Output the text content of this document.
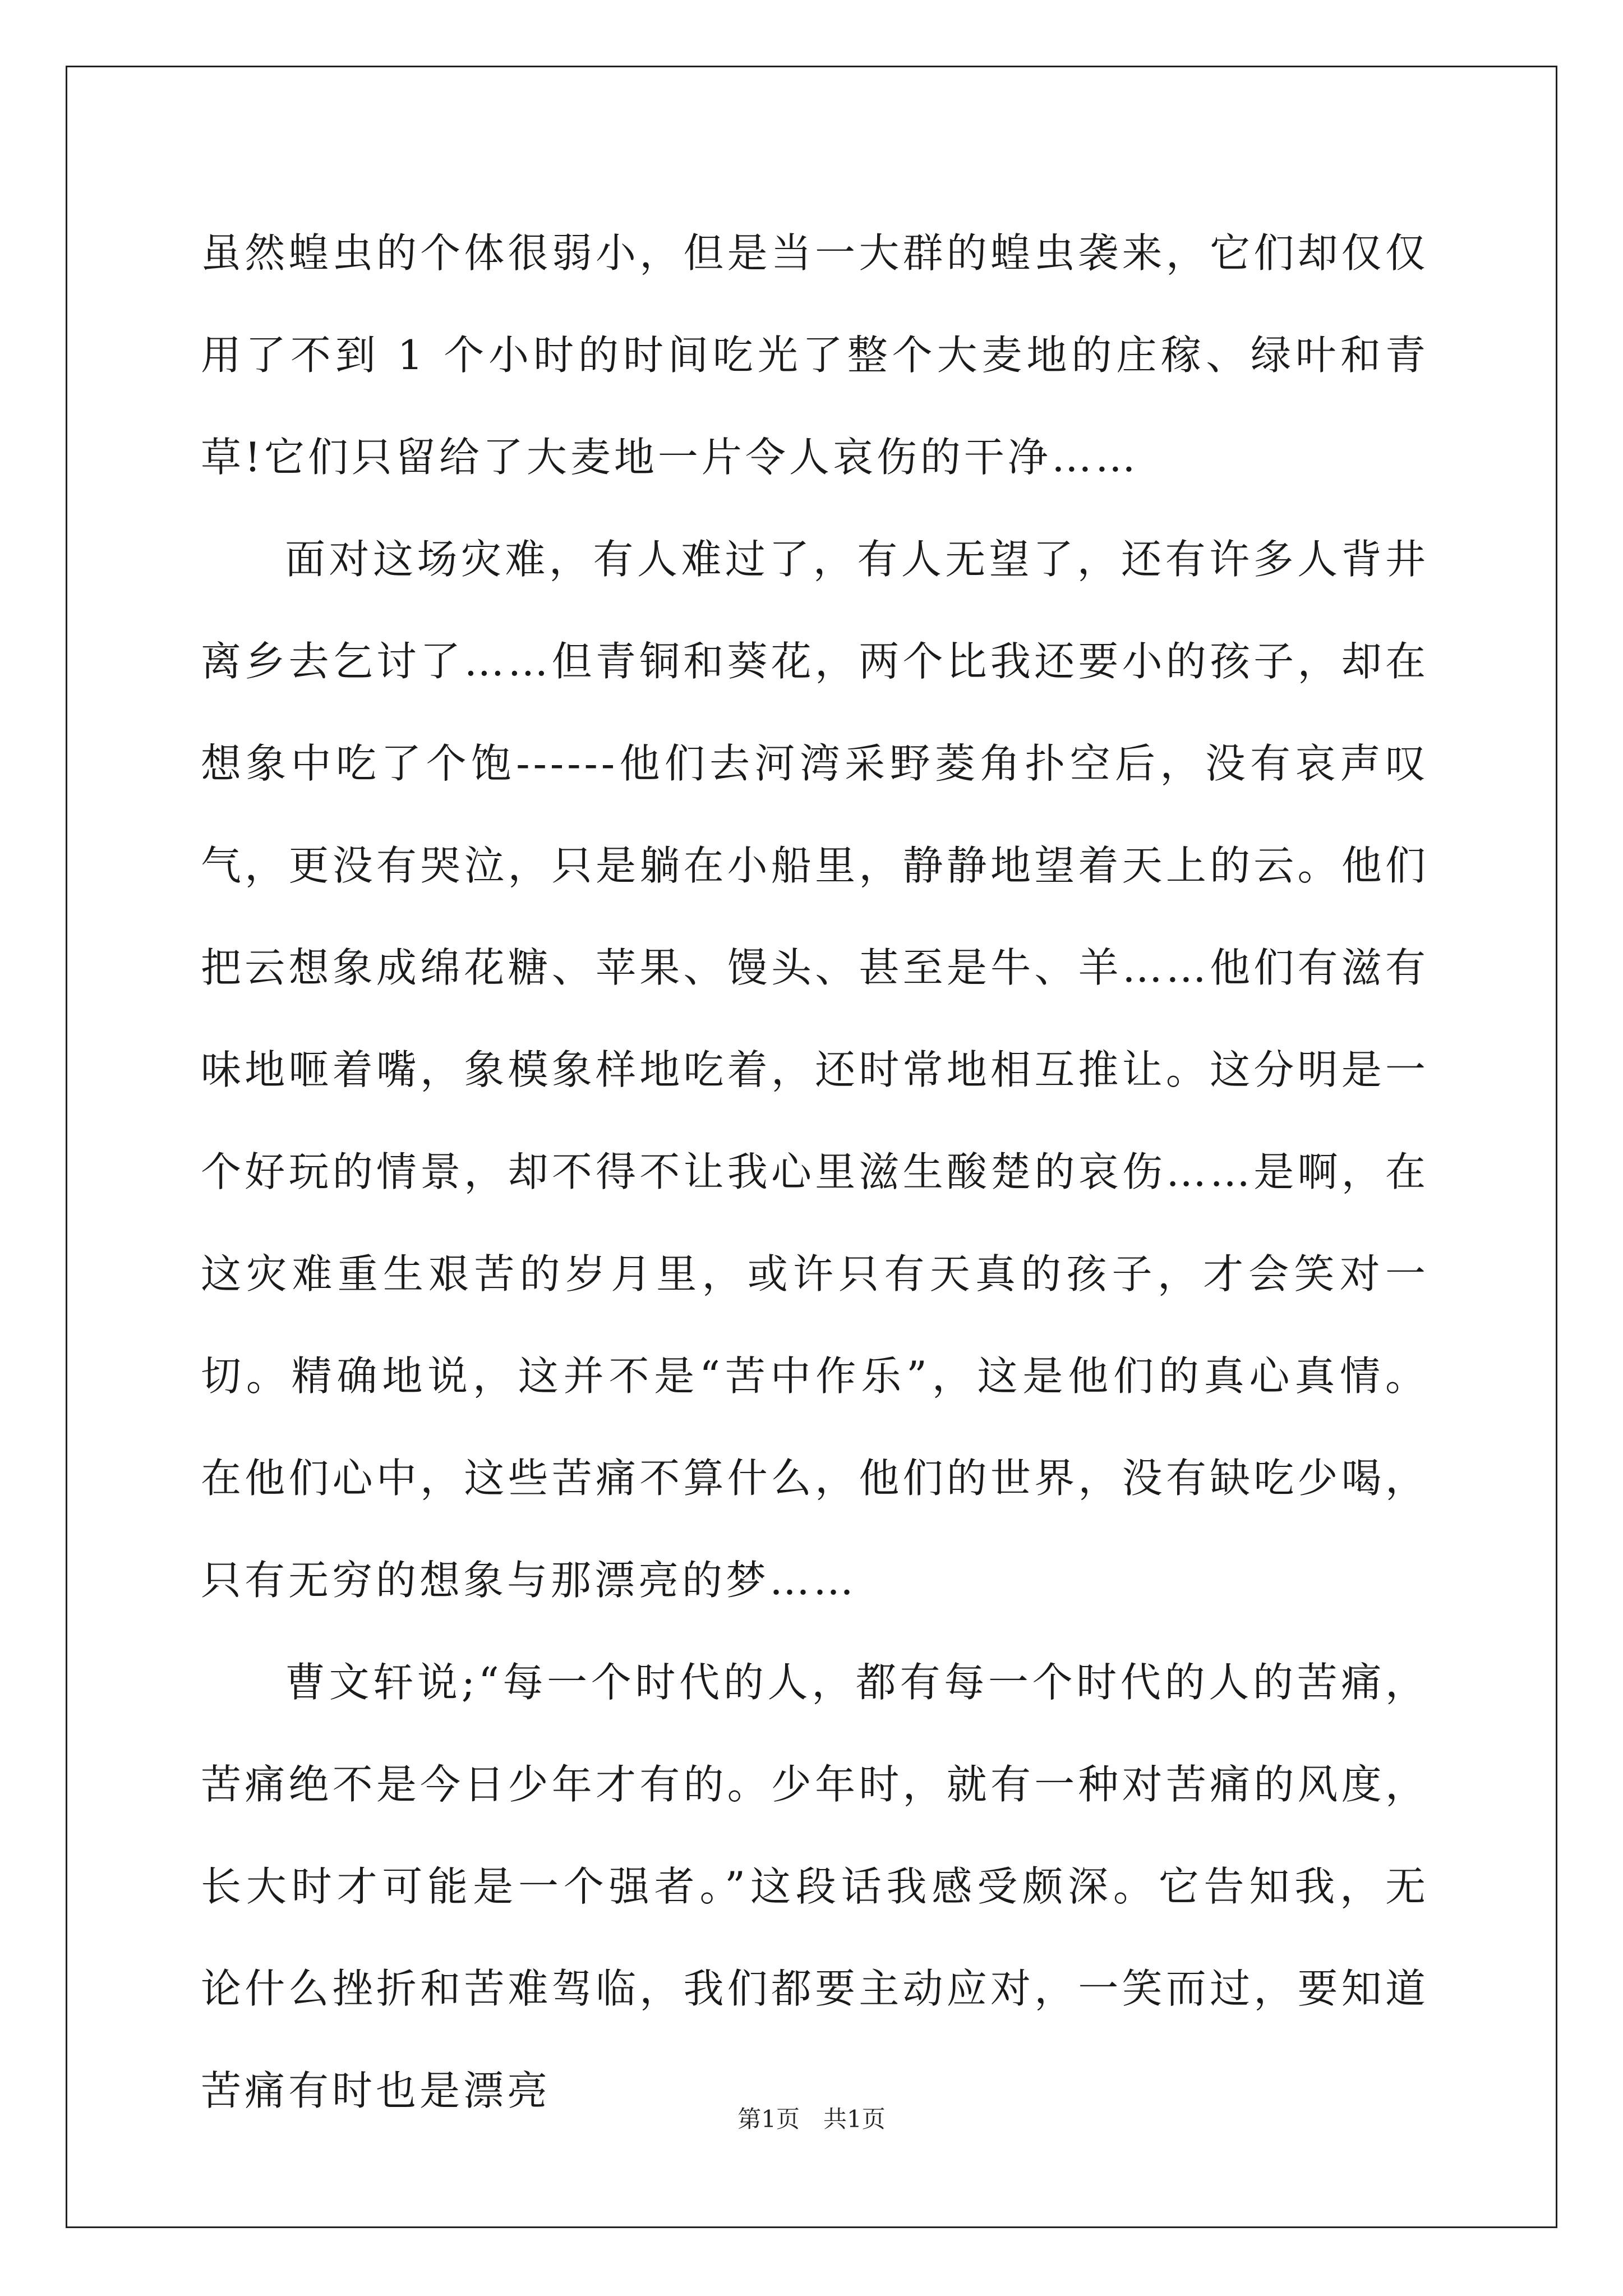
虽然蝗虫的个体很弱小，但是当一大群的蝗虫袭来，它们却仅仅用了不到 1 个小时的时间吃光了整个大麦地的庄稼、绿叶和青草!它们只留给了大麦地一片令人哀伤的干净……

面对这场灾难，有人难过了，有人无望了，还有许多人背井离乡去乞讨了……但青铜和葵花，两个比我还要小的孩子，却在想象中吃了个饱------他们去河湾采野菱角扑空后，没有哀声叹气，更没有哭泣，只是躺在小船里，静静地望着天上的云。他们把云想象成绵花糖、苹果、馒头、甚至是牛、羊……他们有滋有味地咂着嘴，象模象样地吃着，还时常地相互推让。这分明是一个好玩的情景，却不得不让我心里滋生酸楚的哀伤……是啊，在这灾难重生艰苦的岁月里，或许只有天真的孩子，才会笑对一切。精确地说，这并不是“苦中作乐”，这是他们的真心真情。在他们心中，这些苦痛不算什么，他们的世界，没有缺吃少喝，只有无穷的想象与那漂亮的梦……

曹文轩说;“每一个时代的人，都有每一个时代的人的苦痛，苦痛绝不是今日少年才有的。少年时，就有一种对苦痛的风度，长大时才可能是一个强者。”这段话我感受颇深。它告知我，无论什么挫折和苦难驾临，我们都要主动应对，一笑而过，要知道苦痛有时也是漂亮

第1页　共1页
